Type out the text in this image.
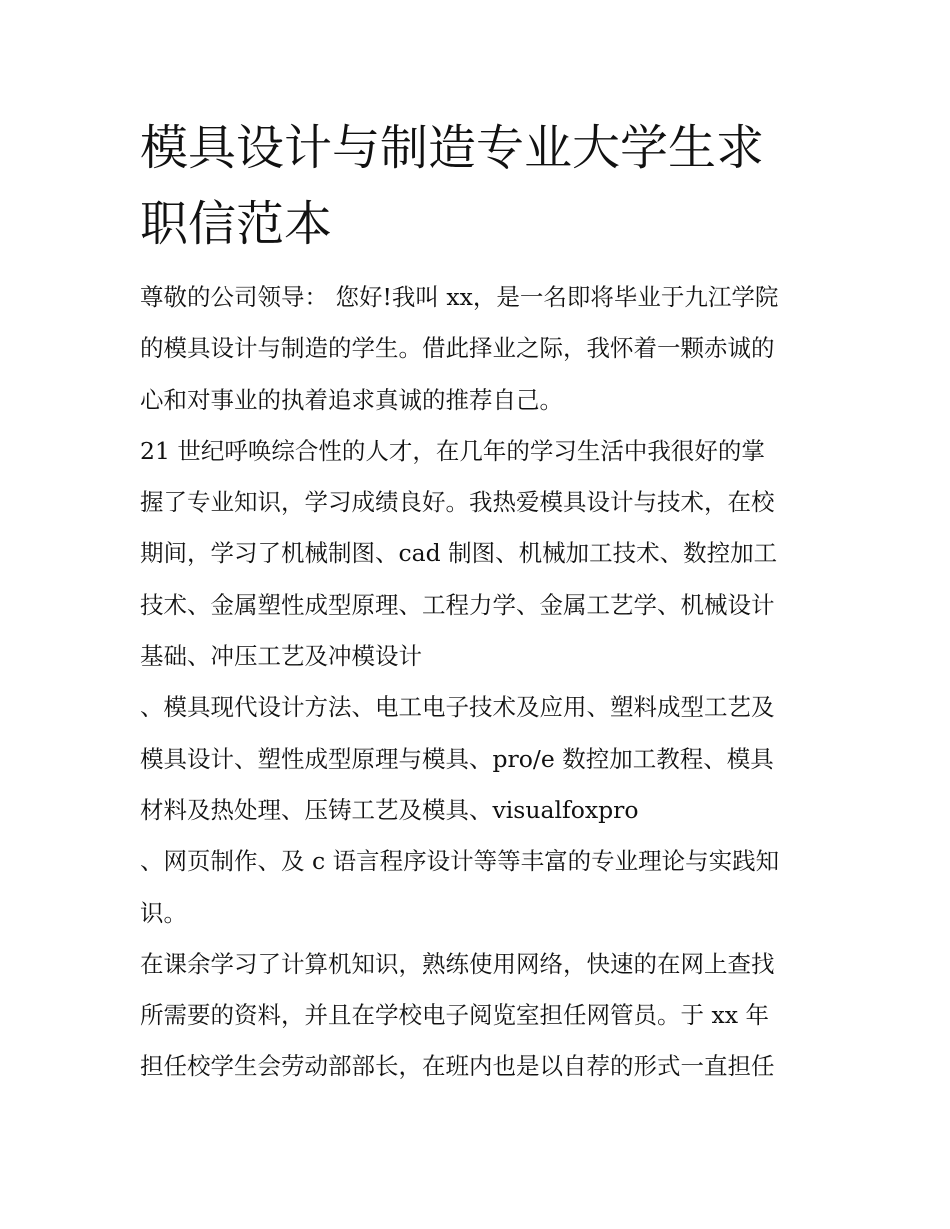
模具设计与制造专业大学生求
职信范本
尊敬的公司领导： 您好!我叫 xx，是一名即将毕业于九江学院
的模具设计与制造的学生。借此择业之际，我怀着一颗赤诚的
心和对事业的执着追求真诚的推荐自己。
21 世纪呼唤综合性的人才，在几年的学习生活中我很好的掌
握了专业知识，学习成绩良好。我热爱模具设计与技术，在校
期间，学习了机械制图、cad 制图、机械加工技术、数控加工
技术、金属塑性成型原理、工程力学、金属工艺学、机械设计
基础、冲压工艺及冲模设计
、模具现代设计方法、电工电子技术及应用、塑料成型工艺及
模具设计、塑性成型原理与模具、pro/e 数控加工教程、模具
材料及热处理、压铸工艺及模具、visualfoxpro
、网页制作、及 c 语言程序设计等等丰富的专业理论与实践知
识。
在课余学习了计算机知识，熟练使用网络，快速的在网上查找
所需要的资料，并且在学校电子阅览室担任网管员。于 xx 年
担任校学生会劳动部部长，在班内也是以自荐的形式一直担任
